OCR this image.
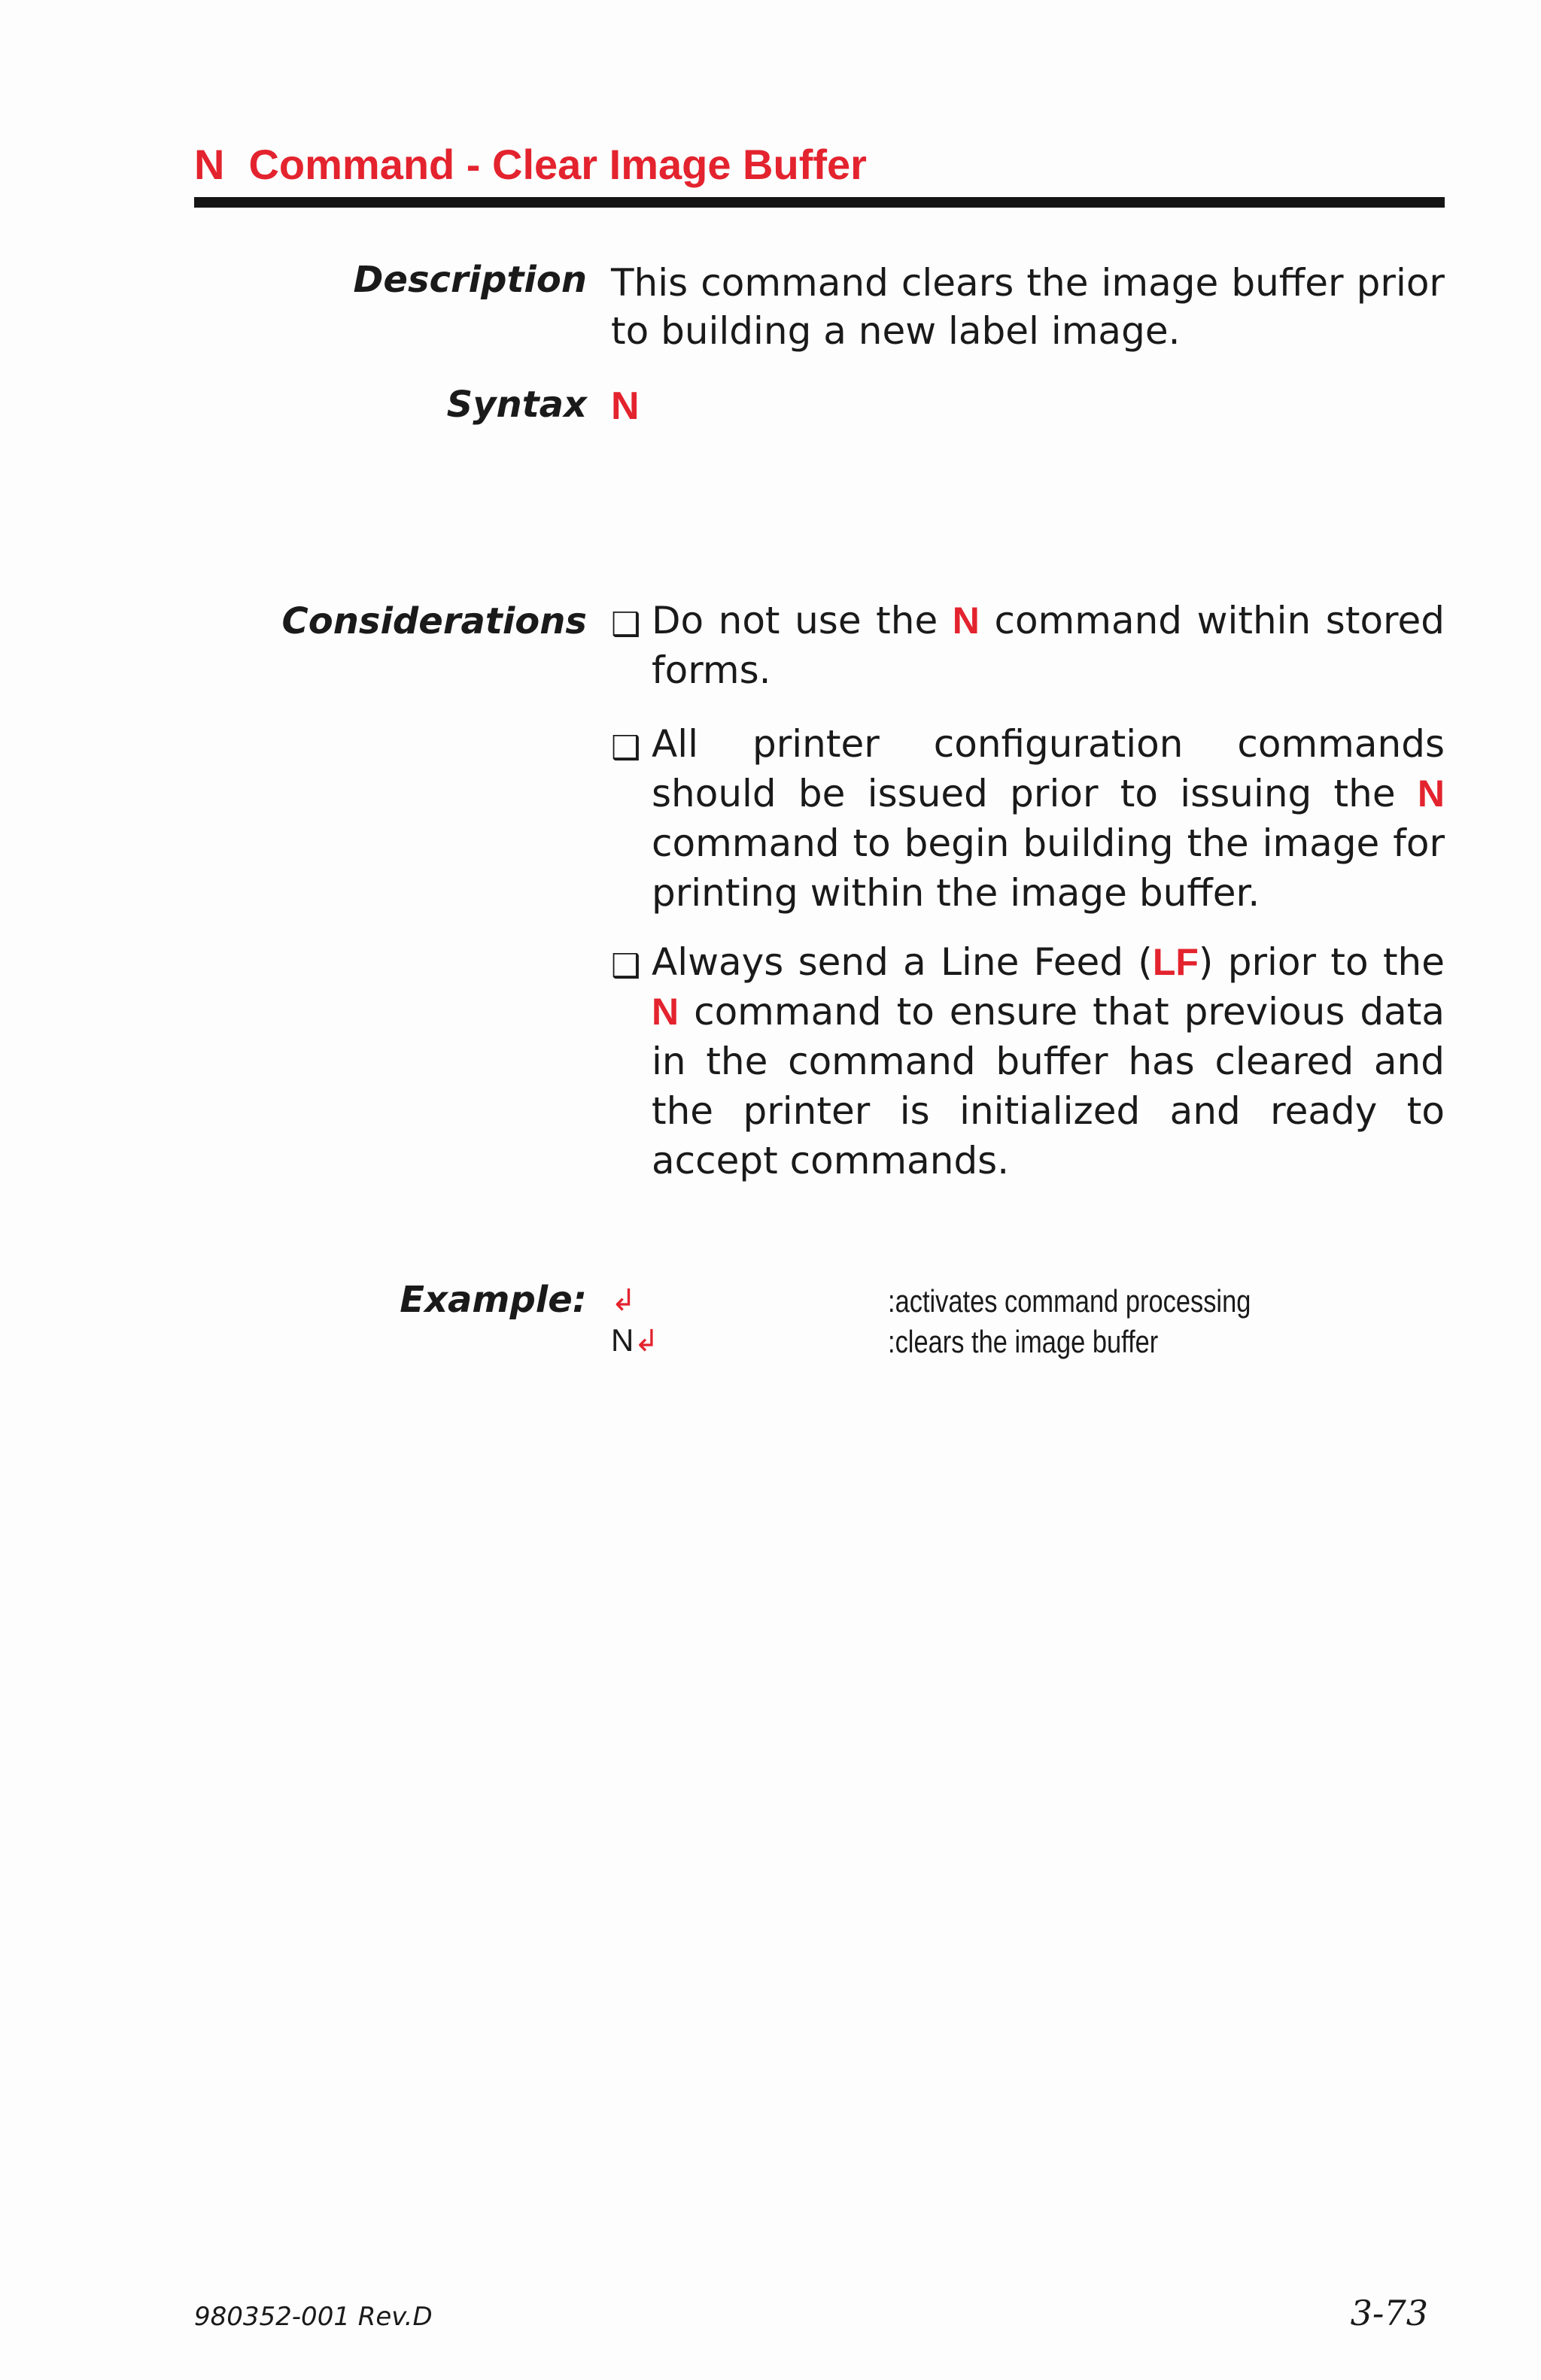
N Command - Clear Image Buffer
Description This command clears the image buffer prior to building a new label image.
Syntax N
Considerations ❑ Do not use the N command within stored forms.
❑ All printer configuration commands should be issued prior to issuing the N command to begin building the image for printing within the image buffer.
❑ Always send a Line Feed (LF) prior to the N command to ensure that previous data in the command buffer has cleared and the printer is initialized and ready to accept commands.
Example: ↲	:activates command processing
N↲	:clears the image buffer
980352-001 Rev.D	3-73
